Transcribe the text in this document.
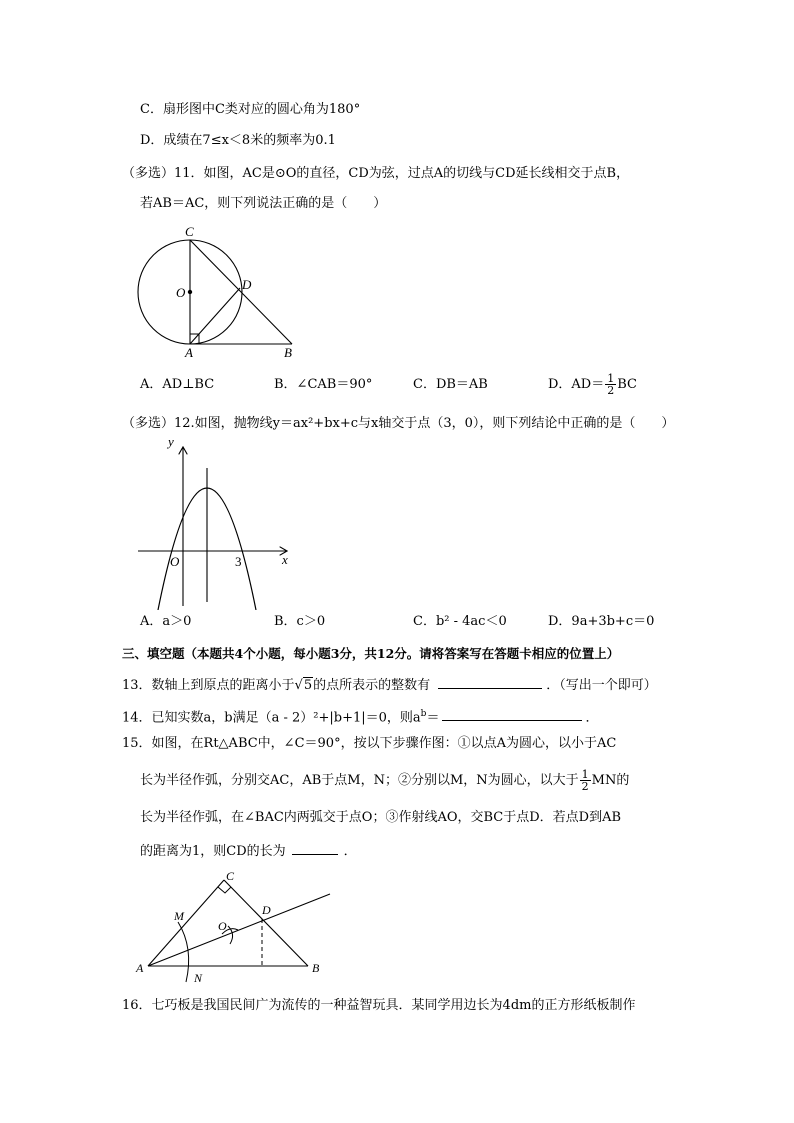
C．扇形图中C类对应的圆心角为180°
D．成绩在7≤x＜8米的频率为0.1
（多选）11．如图，AC是⊙O的直径，CD为弦，过点A的切线与CD延长线相交于点B，
若AB＝AC，则下列说法正确的是（　　）
C
O
D
A	B
A．AD⊥BC	B．∠CAB＝90°	C．DB＝AB	D．$AD= \frac{1}{2}$ BC
（多选）12.如图，抛物线y＝ax²+bx+c与x轴交于点（3，0），则下列结论中正确的是（　　）
y
x
O	3
A．a＞0	B．c＞0	C．b² - 4ac＜0	D．9a+3b+c＝0
三、填空题（本题共4个小题，每小题3分，共12分。请将答案写在答题卡相应的位置上）
13．数轴上到原点的距离小于√5的点所表示的整数有	．（写出一个即可）
14．已知实数a，b满足（a - 2）²+|b+1|＝0，则$a^b=$	．
15．如图，在Rt△ABC中，∠C＝90°，按以下步骤作图：①以点A为圆心，以小于AC
长为半径作弧，分别交AC，AB于点M，N；②分别以M，N为圆心，以大于 $\frac{1}{2}$ MN的
长为半径作弧，在∠BAC内两弧交于点O；③作射线AO，交BC于点D．若点D到AB
的距离为1，则CD的长为	．
C
M
O
D
A
N
B
16．七巧板是我国民间广为流传的一种益智玩具．某同学用边长为4dm的正方形纸板制作
